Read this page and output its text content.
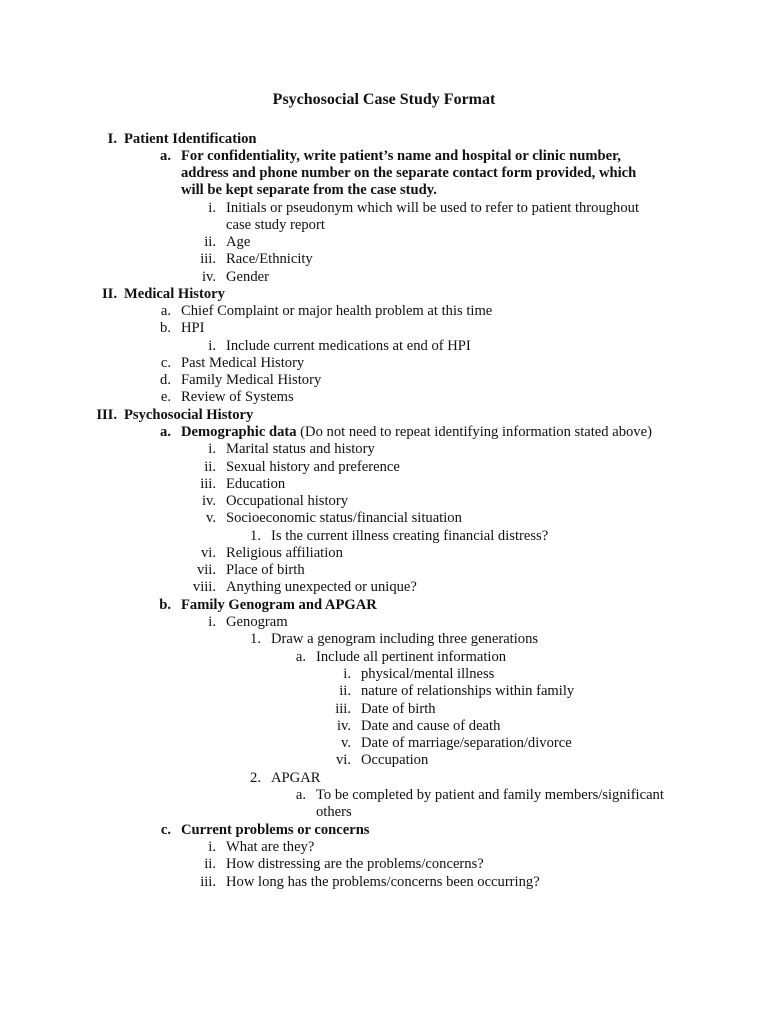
Psychosocial Case Study Format
I. Patient Identification
a. For confidentiality, write patient’s name and hospital or clinic number,
address and phone number on the separate contact form provided, which
will be kept separate from the case study.
i. Initials or pseudonym which will be used to refer to patient throughout
case study report
ii. Age
iii. Race/Ethnicity
iv. Gender
II. Medical History
a. Chief Complaint or major health problem at this time
b. HPI
i. Include current medications at end of HPI
c. Past Medical History
d. Family Medical History
e. Review of Systems
III. Psychosocial History
a. Demographic data (Do not need to repeat identifying information stated above)
i. Marital status and history
ii. Sexual history and preference
iii. Education
iv. Occupational history
v. Socioeconomic status/financial situation
1. Is the current illness creating financial distress?
vi. Religious affiliation
vii. Place of birth
viii. Anything unexpected or unique?
b. Family Genogram and APGAR
i. Genogram
1. Draw a genogram including three generations
a. Include all pertinent information
i. physical/mental illness
ii. nature of relationships within family
iii. Date of birth
iv. Date and cause of death
v. Date of marriage/separation/divorce
vi. Occupation
2. APGAR
a. To be completed by patient and family members/significant
others
c. Current problems or concerns
i. What are they?
ii. How distressing are the problems/concerns?
iii. How long has the problems/concerns been occurring?
